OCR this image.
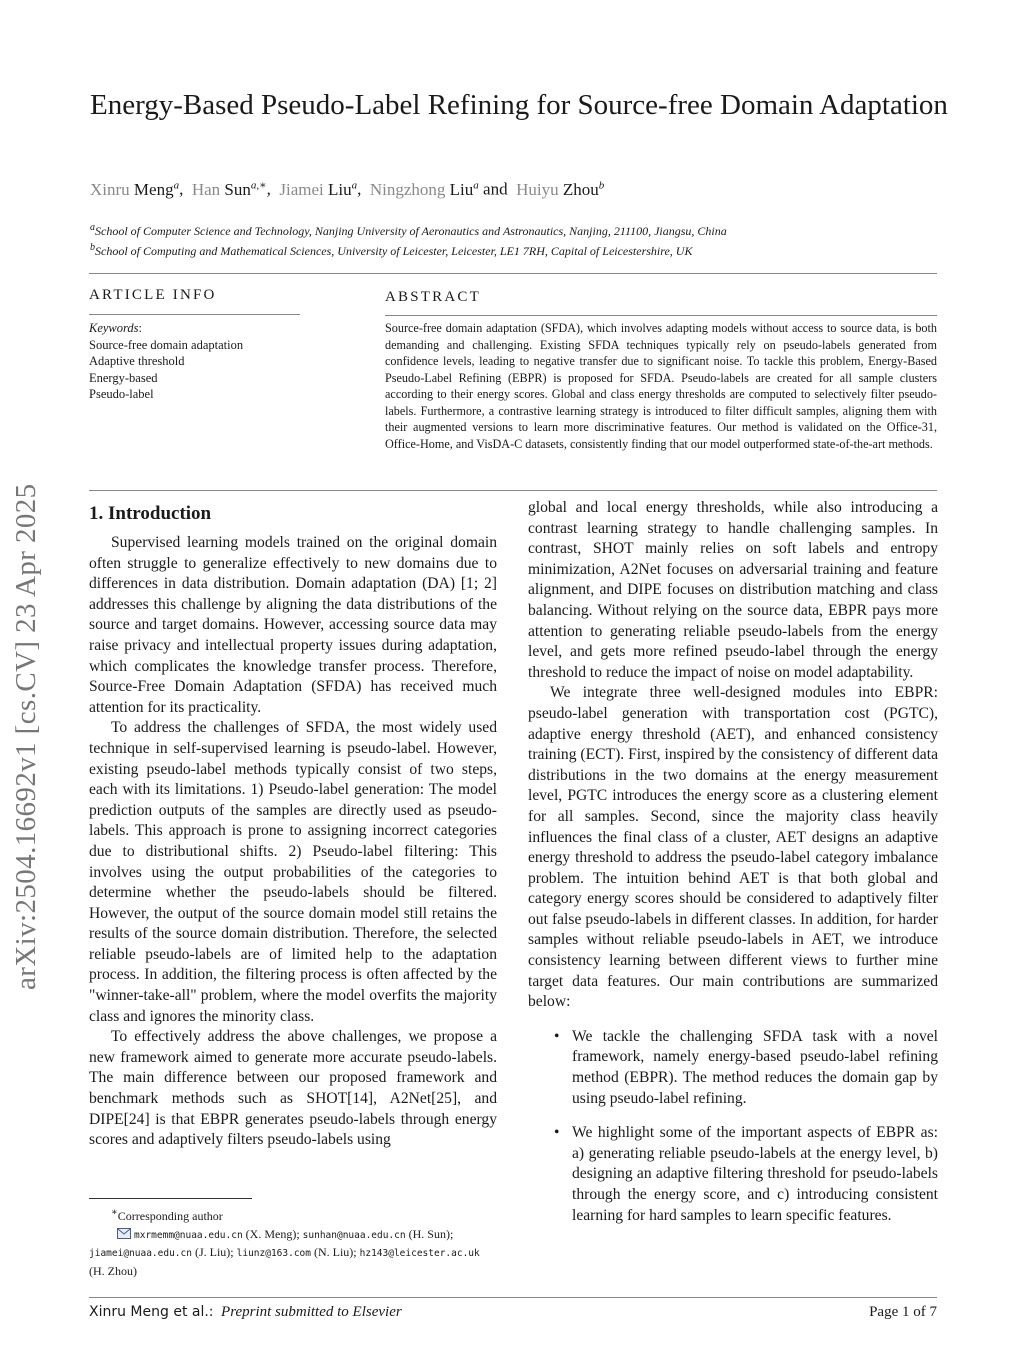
arXiv:2504.16692v1 [cs.CV] 23 Apr 2025
Energy-Based Pseudo-Label Refining for Source-free Domain Adaptation
Xinru Meng$^a$,  Han Sun$^{a,∗}$,  Jiamei Liu$^a$,  Ningzhong Liu$^a$ and Huiyu Zhou$^b$
$^a$School of Computer Science and Technology, Nanjing University of Aeronautics and Astronautics, Nanjing, 211100, Jiangsu, China
$^b$School of Computing and Mathematical Sciences, University of Leicester, Leicester, LE1 7RH, Capital of Leicestershire, UK
ARTICLE INFO
Keywords:
Source-free domain adaptation
Adaptive threshold
Energy-based
Pseudo-label
ABSTRACT
Source-free domain adaptation (SFDA), which involves adapting models without access to source data, is both demanding and challenging. Existing SFDA techniques typically rely on pseudo-labels generated from confidence levels, leading to negative transfer due to significant noise. To tackle this problem, Energy-Based Pseudo-Label Refining (EBPR) is proposed for SFDA. Pseudo-labels are created for all sample clusters according to their energy scores. Global and class energy thresholds are computed to selectively filter pseudo-labels. Furthermore, a contrastive learning strategy is introduced to filter difficult samples, aligning them with their augmented versions to learn more discriminative features. Our method is validated on the Office-31, Office-Home, and VisDA-C datasets, consistently finding that our model outperformed state-of-the-art methods.
1. Introduction

Supervised learning models trained on the original domain often struggle to generalize effectively to new domains due to differences in data distribution. Domain adaptation (DA) [1; 2] addresses this challenge by aligning the data distributions of the source and target domains. However, accessing source data may raise privacy and intellectual property issues during adaptation, which complicates the knowledge transfer process. Therefore, Source-Free Domain Adaptation (SFDA) has received much attention for its practicality.

To address the challenges of SFDA, the most widely used technique in self-supervised learning is pseudo-label. However, existing pseudo-label methods typically consist of two steps, each with its limitations. 1) Pseudo-label generation: The model prediction outputs of the samples are directly used as pseudo-labels. This approach is prone to assigning incorrect categories due to distributional shifts. 2) Pseudo-label filtering: This involves using the output probabilities of the categories to determine whether the pseudo-labels should be filtered. However, the output of the source domain model still retains the results of the source domain distribution. Therefore, the selected reliable pseudo-labels are of limited help to the adaptation process. In addition, the filtering process is often affected by the "winner-take-all" problem, where the model overfits the majority class and ignores the minority class.

To effectively address the above challenges, we propose a new framework aimed to generate more accurate pseudo-labels. The main difference between our proposed framework and benchmark methods such as SHOT[14], A2Net[25], and DIPE[24] is that EBPR generates pseudo-labels through energy scores and adaptively filters pseudo-labels using

∗Corresponding author
mxrmemm@nuaa.edu.cn (X. Meng); sunhan@nuaa.edu.cn (H. Sun);
jiamei@nuaa.edu.cn (J. Liu); liunz@163.com (N. Liu); hz143@leicester.ac.uk
(H. Zhou)

global and local energy thresholds, while also introducing a contrast learning strategy to handle challenging samples. In contrast, SHOT mainly relies on soft labels and entropy minimization, A2Net focuses on adversarial training and feature alignment, and DIPE focuses on distribution matching and class balancing. Without relying on the source data, EBPR pays more attention to generating reliable pseudo-labels from the energy level, and gets more refined pseudo-label through the energy threshold to reduce the impact of noise on model adaptability.

We integrate three well-designed modules into EBPR: pseudo-label generation with transportation cost (PGTC), adaptive energy threshold (AET), and enhanced consistency training (ECT). First, inspired by the consistency of different data distributions in the two domains at the energy measurement level, PGTC introduces the energy score as a clustering element for all samples. Second, since the majority class heavily influences the final class of a cluster, AET designs an adaptive energy threshold to address the pseudo-label category imbalance problem. The intuition behind AET is that both global and category energy scores should be considered to adaptively filter out false pseudo-labels in different classes. In addition, for harder samples without reliable pseudo-labels in AET, we introduce consistency learning between different views to further mine target data features. Our main contributions are summarized below:

• We tackle the challenging SFDA task with a novel framework, namely energy-based pseudo-label refining method (EBPR). The method reduces the domain gap by using pseudo-label refining.
• We highlight some of the important aspects of EBPR as: a) generating reliable pseudo-labels at the energy level, b) designing an adaptive filtering threshold for pseudo-labels through the energy score, and c) introducing consistent learning for hard samples to learn specific features.
Xinru Meng et al.: Preprint submitted to Elsevier	Page 1 of 7
